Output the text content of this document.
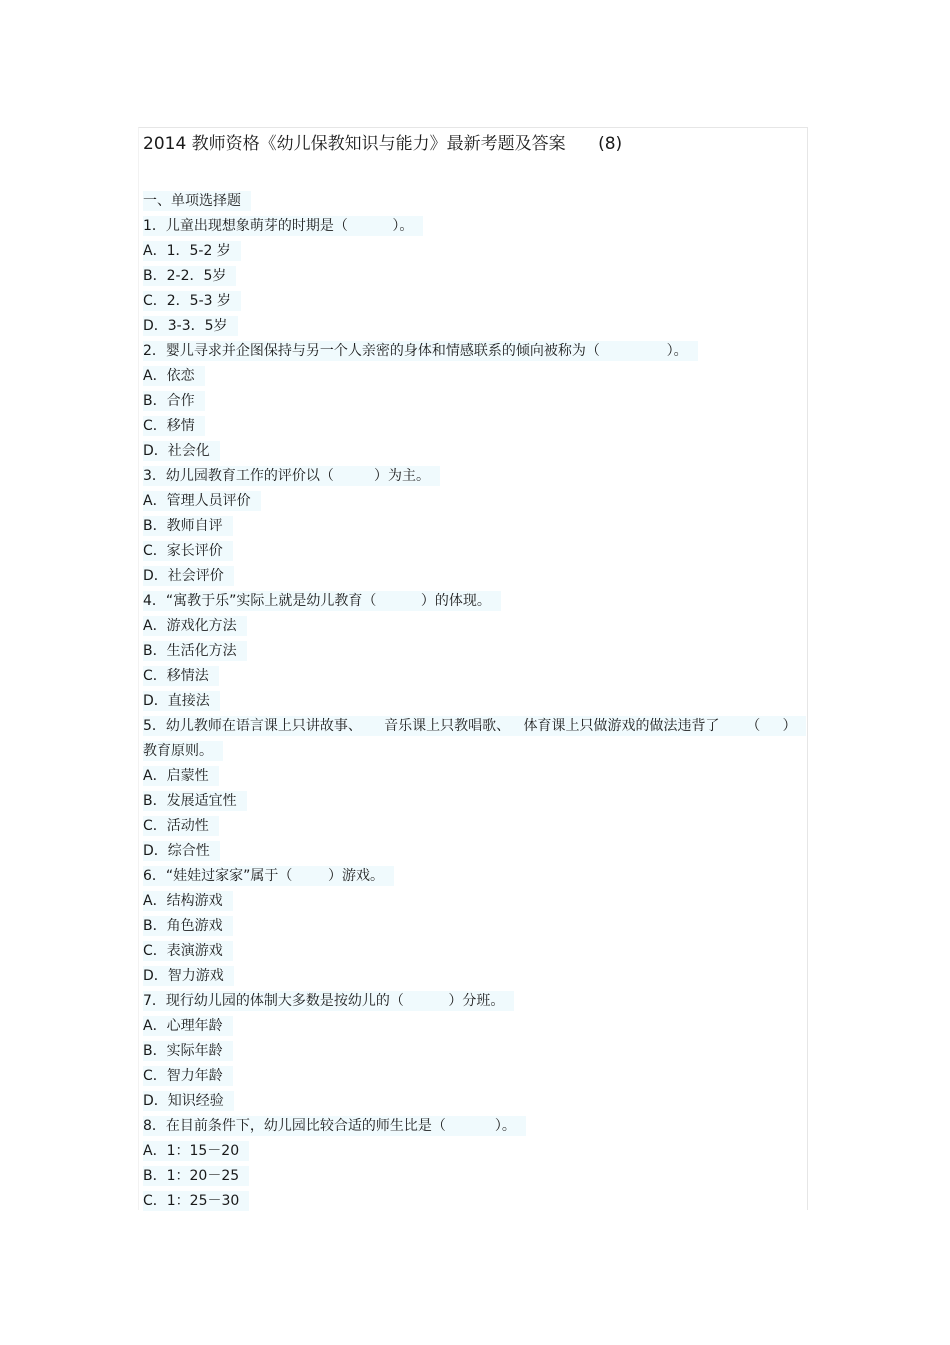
2014 教师资格《幼儿保教知识与能力》最新考题及答案      (8)
一、单项选择题
1．儿童出现想象萌芽的时期是（          ）。
A．1．5-2 岁
B．2-2．5岁
C．2．5-3 岁
D．3-3．5岁
2．婴儿寻求并企图保持与另一个人亲密的身体和情感联系的倾向被称为（               ）。
A．依恋
B．合作
C．移情
D．社会化
3．幼儿园教育工作的评价以（         ）为主。
A．管理人员评价
B．教师自评
C．家长评价
D．社会评价
4．“寓教于乐”实际上就是幼儿教育（          ）的体现。
A．游戏化方法
B．生活化方法
C．移情法
D．直接法
5．幼儿教师在语言课上只讲故事、     音乐课上只教唱歌、   体育课上只做游戏的做法违背了      （     ）
教育原则。
A．启蒙性
B．发展适宜性
C．活动性
D．综合性
6．“娃娃过家家”属于（        ）游戏。
A．结构游戏
B．角色游戏
C．表演游戏
D．智力游戏
7．现行幼儿园的体制大多数是按幼儿的（          ）分班。
A．心理年龄
B．实际年龄
C．智力年龄
D．知识经验
8．在目前条件下，幼儿园比较合适的师生比是（           ）。
A．1：15－20
B．1：20－25
C．1：25－30
